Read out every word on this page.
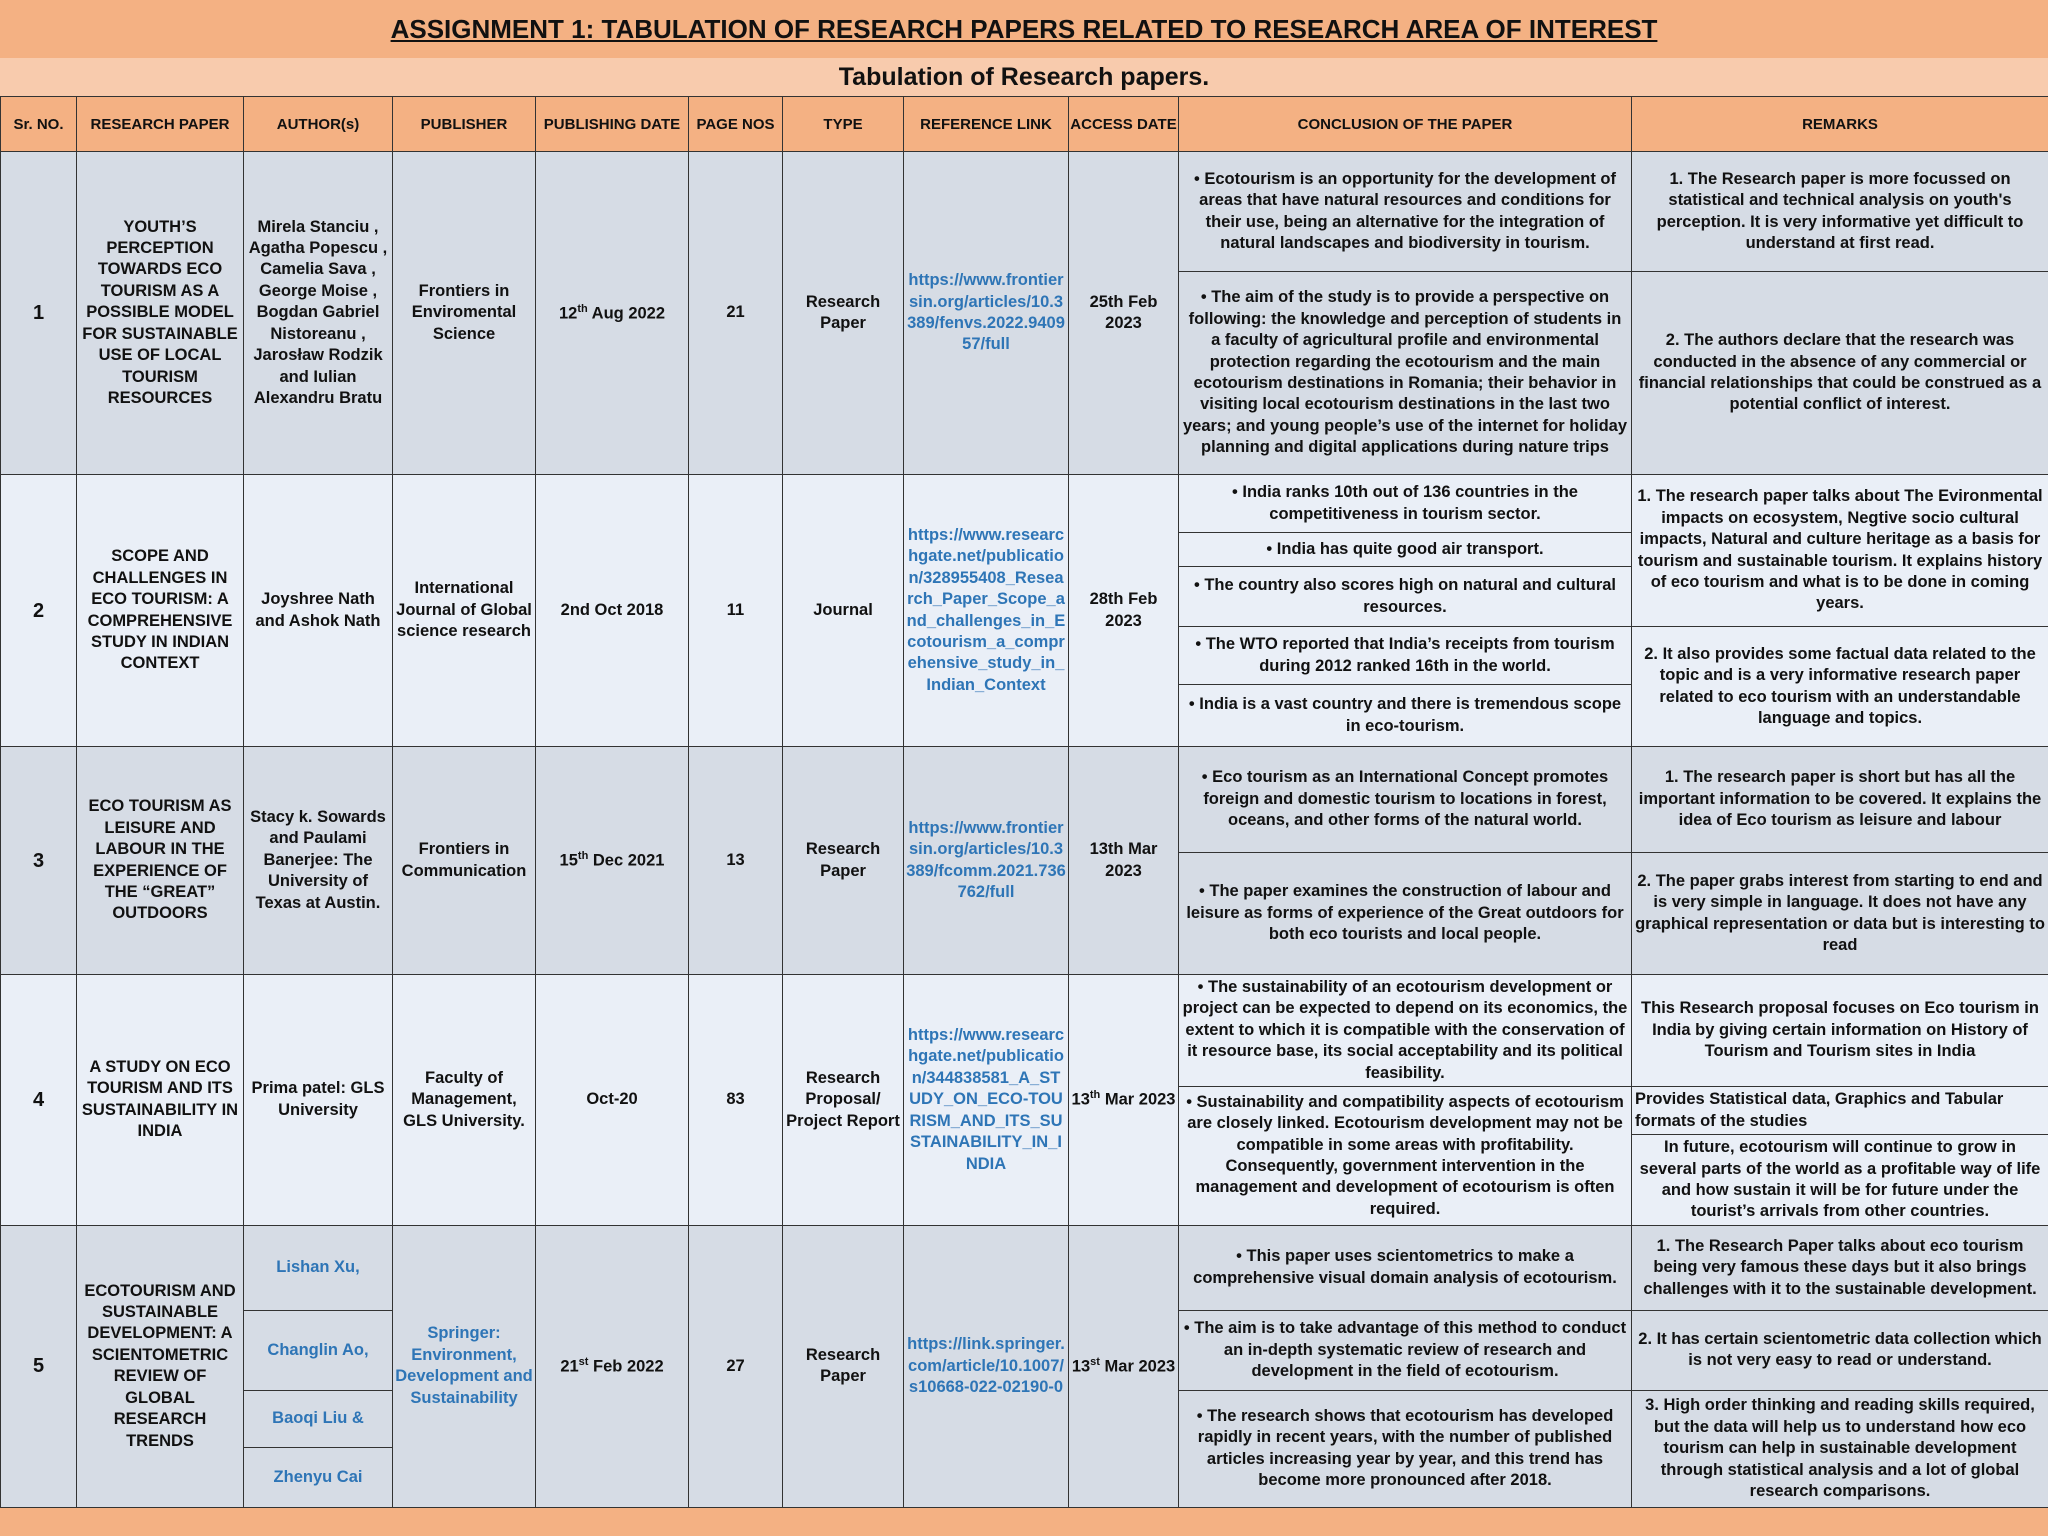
ASSIGNMENT 1: TABULATION OF RESEARCH PAPERS RELATED TO RESEARCH AREA OF INTEREST
Tabulation of Research papers.
Sr. NO.	RESEARCH PAPER	AUTHOR(s)	PUBLISHER	PUBLISHING DATE	PAGE NOS	TYPE	REFERENCE LINK	ACCESS DATE	CONCLUSION OF THE PAPER	REMARKS
1	YOUTH’S PERCEPTION TOWARDS ECO TOURISM AS A POSSIBLE MODEL FOR SUSTAINABLE USE OF LOCAL TOURISM RESOURCES	Mirela Stanciu , Agatha Popescu , Camelia Sava , George Moise , Bogdan Gabriel Nistoreanu , Jarosław Rodzik and Iulian Alexandru Bratu	Frontiers in Enviromental Science	12th Aug 2022	21	Research Paper	https://www.frontiersin.org/articles/10.3389/fenvs.2022.940957/full	25th Feb 2023	• Ecotourism is an opportunity for the development of areas that have natural resources and conditions for their use, being an alternative for the integration of natural landscapes and biodiversity in tourism.	1. The Research paper is more focussed on statistical and technical analysis on youth's perception. It is very informative yet difficult to understand at first read.
									• The aim of the study is to provide a perspective on following: the knowledge and perception of students in a faculty of agricultural profile and environmental protection regarding the ecotourism and the main ecotourism destinations in Romania; their behavior in visiting local ecotourism destinations in the last two years; and young people’s use of the internet for holiday planning and digital applications during nature trips	2. The authors declare that the research was conducted in the absence of any commercial or financial relationships that could be construed as a potential conflict of interest.
2	SCOPE AND CHALLENGES IN ECO TOURISM: A COMPREHENSIVE STUDY IN INDIAN CONTEXT	Joyshree Nath and Ashok Nath	International Journal of Global science research	2nd Oct 2018	11	Journal	https://www.researchgate.net/publication/328955408_Research_Paper_Scope_and_challenges_in_Ecotourism_a_comprehensive_study_in_Indian_Context	28th Feb 2023	• India ranks 10th out of 136 countries in the competitiveness in tourism sector.	1. The research paper talks about The Evironmental impacts on ecosystem, Negtive socio cultural impacts, Natural and culture heritage as a basis for tourism and sustainable tourism. It explains history of eco tourism and what is to be done in coming years.
									• India has quite good air transport.	
									• The country also scores high on natural and cultural resources.	
									• The WTO reported that India’s receipts from tourism during 2012 ranked 16th in the world.	2. It also provides some factual data related to the topic and is a very informative research paper related to eco tourism with an understandable language and topics.
									• India is a vast country and there is tremendous scope in eco-tourism.	
3	ECO TOURISM AS LEISURE AND LABOUR IN THE EXPERIENCE OF THE “GREAT” OUTDOORS	Stacy k. Sowards and Paulami Banerjee: The University of Texas at Austin.	Frontiers in Communication	15th Dec 2021	13	Research Paper	https://www.frontiersin.org/articles/10.3389/fcomm.2021.736762/full	13th Mar 2023	• Eco tourism as an International Concept promotes foreign and domestic tourism to locations in forest, oceans, and other forms of the natural world.	1. The research paper is short but has all the important information to be covered. It explains the idea of Eco tourism as leisure and labour
									• The paper examines the construction of labour and leisure as forms of experience of the Great outdoors for both eco tourists and local people.	2. The paper grabs interest from starting to end and is very simple in language. It does not have any graphical representation or data but is interesting to read
4	A STUDY ON ECO TOURISM AND ITS SUSTAINABILITY IN INDIA	Prima patel: GLS University	Faculty of Management, GLS University.	Oct-20	83	Research Proposal/ Project Report	https://www.researchgate.net/publication/344838581_A_STUDY_ON_ECO-TOURISM_AND_ITS_SUSTAINABILITY_IN_INDIA	13th Mar 2023	• The sustainability of an ecotourism development or project can be expected to depend on its economics, the extent to which it is compatible with the conservation of it resource base, its social acceptability and its political feasibility.	This Research proposal focuses on Eco tourism in India by giving certain information on History of Tourism and Tourism sites in India
									• Sustainability and compatibility aspects of ecotourism are closely linked. Ecotourism development may not be compatible in some areas with profitability. Consequently, government intervention in the management and development of ecotourism is often required.	Provides Statistical data, Graphics and Tabular formats of the studies
										In future, ecotourism will continue to grow in several parts of the world as a profitable way of life and how sustain it will be for future under the tourist’s arrivals from other countries.
5	ECOTOURISM AND SUSTAINABLE DEVELOPMENT: A SCIENTOMETRIC REVIEW OF GLOBAL RESEARCH TRENDS	Lishan Xu,	Springer: Environment, Development and Sustainability	21st Feb 2022	27	Research Paper	https://link.springer.com/article/10.1007/s10668-022-02190-0	13st Mar 2023	• This paper uses scientometrics to make a comprehensive visual domain analysis of ecotourism.	1. The Research Paper talks about eco tourism being very famous these days but it also brings challenges with it to the sustainable development.
		Changlin Ao,							• The aim is to take advantage of this method to conduct an in-depth systematic review of research and development in the field of ecotourism.	2. It has certain scientometric data collection which is not very easy to read or understand.
		Baoqi Liu &							• The research shows that ecotourism has developed rapidly in recent years, with the number of published articles increasing year by year, and this trend has become more pronounced after 2018.	3. High order thinking and reading skills required, but the data will help us to understand how eco tourism can help in sustainable development through statistical analysis and a lot of global research comparisons.
		Zhenyu Cai								
